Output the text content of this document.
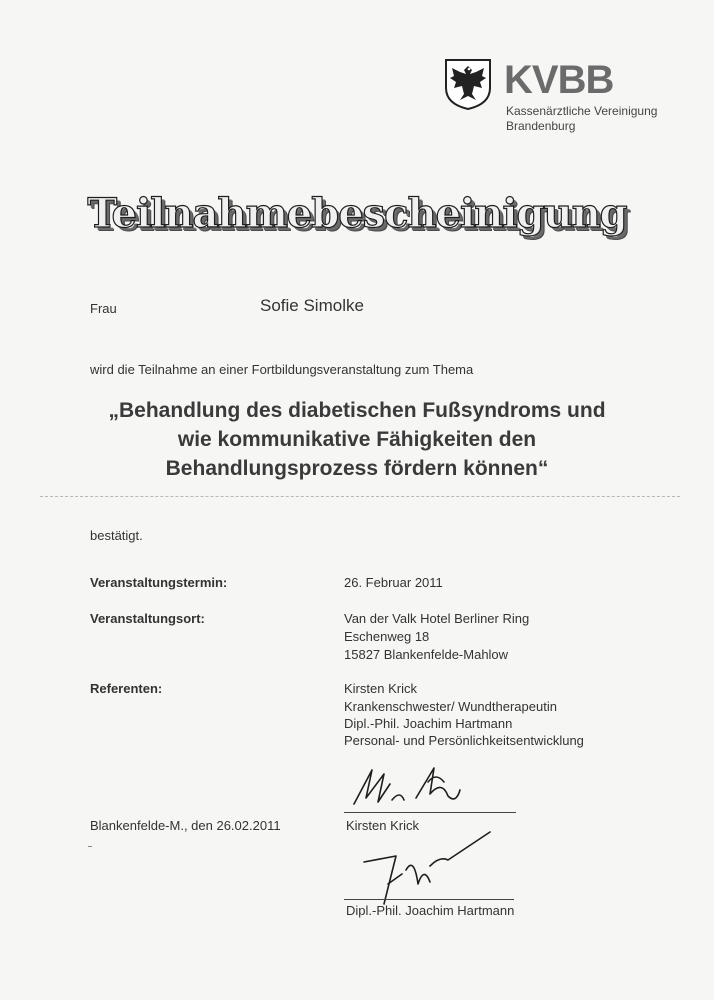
KVBB
Kassenärztliche Vereinigung
Brandenburg
Teilnahmebescheinigung
Frau	Sofie Simolke
wird die Teilnahme an einer Fortbildungsveranstaltung zum Thema
„Behandlung des diabetischen Fußsyndroms und
wie kommunikative Fähigkeiten den
Behandlungsprozess fördern können“
bestätigt.
Veranstaltungstermin:	26. Februar 2011
Veranstaltungsort:	Van der Valk Hotel Berliner Ring
Eschenweg 18
15827 Blankenfelde-Mahlow
Referenten:	Kirsten Krick
Krankenschwester/ Wundtherapeutin
Dipl.-Phil. Joachim Hartmann
Personal- und Persönlichkeitsentwicklung
Kirsten Krick
Blankenfelde-M., den 26.02.2011
Dipl.-Phil. Joachim Hartmann
